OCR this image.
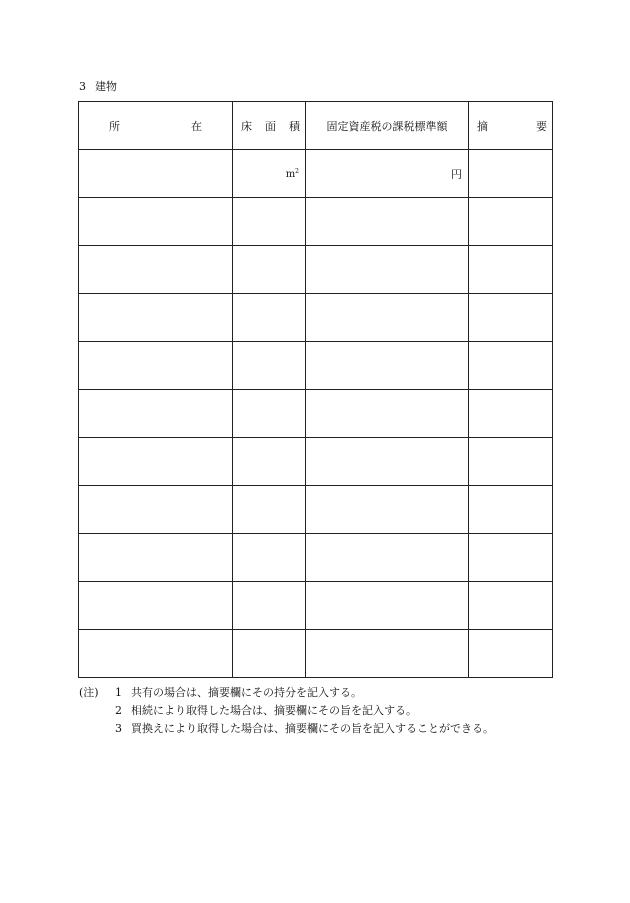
3 建物
所 在	床 面 積	固定資産税の課税標準額	摘 要

	$m^2$	円	

(注)	1 共有の場合は、摘要欄にその持分を記入する。
2 相続により取得した場合は、摘要欄にその旨を記入する。
3 買換えにより取得した場合は、摘要欄にその旨を記入することができる。
